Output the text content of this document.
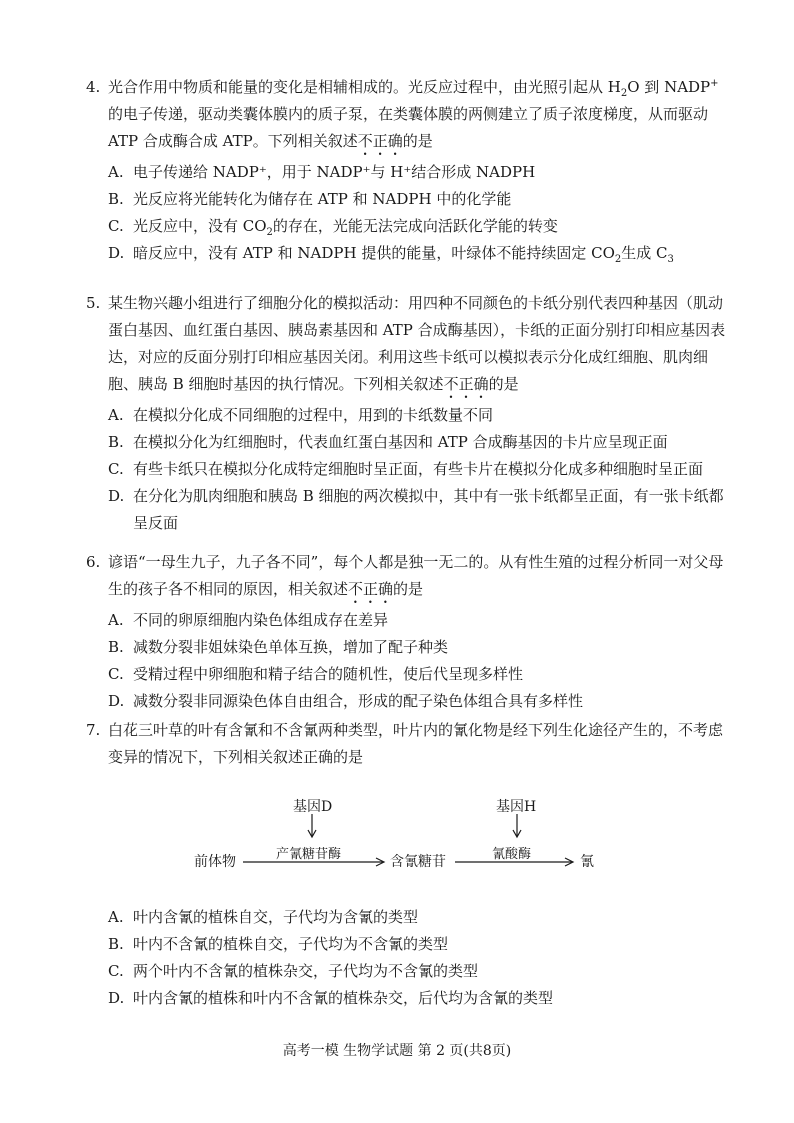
4. 光合作用中物质和能量的变化是相辅相成的。光反应过程中，由光照引起从 $H_2O$ 到 NADP+ 的电子传递，驱动类囊体膜内的质子泵，在类囊体膜的两侧建立了质子浓度梯度，从而驱动ATP 合成酶合成 ATP。下列相关叙述不正确的是

A. 电子传递给 NADP⁺，用于 NADP⁺与 H⁺结合形成 NADPH

B. 光反应将光能转化为储存在 ATP 和 NADPH 中的化学能

C. 光反应中，没有 $CO_2$的存在，光能无法完成向活跃化学能的转变

D. 暗反应中，没有 ATP 和 NADPH 提供的能量，叶绿体不能持续固定 $CO_2$生成 $C_3$

5. 某生物兴趣小组进行了细胞分化的模拟活动：用四种不同颜色的卡纸分别代表四种基因（肌动蛋白基因、血红蛋白基因、胰岛素基因和 ATP 合成酶基因），卡纸的正面分别打印相应基因表达，对应的反面分别打印相应基因关闭。利用这些卡纸可以模拟表示分化成红细胞、肌肉细胞、胰岛 B 细胞时基因的执行情况。下列相关叙述不正确的是

A. 在模拟分化成不同细胞的过程中，用到的卡纸数量不同

B. 在模拟分化为红细胞时，代表血红蛋白基因和 ATP 合成酶基因的卡片应呈现正面

C. 有些卡纸只在模拟分化成特定细胞时呈正面，有些卡片在模拟分化成多种细胞时呈正面

D. 在分化为肌肉细胞和胰岛 B 细胞的两次模拟中，其中有一张卡纸都呈正面，有一张卡纸都呈反面

6. 谚语“一母生九子，九子各不同”，每个人都是独一无二的。从有性生殖的过程分析同一对父母生的孩子各不相同的原因，相关叙述不正确的是

A. 不同的卵原细胞内染色体组成存在差异

B. 减数分裂非姐妹染色单体互换，增加了配子种类

C. 受精过程中卵细胞和精子结合的随机性，使后代呈现多样性

D. 减数分裂非同源染色体自由组合，形成的配子染色体组合具有多样性

7. 白花三叶草的叶有含氰和不含氰两种类型，叶片内的氰化物是经下列生化途径产生的，不考虑变异的情况下，下列相关叙述正确的是

基因D	基因H
前体物	产氰糖苷酶	含氰糖苷	氰酸酶	氰

A. 叶内含氰的植株自交，子代均为含氰的类型

B. 叶内不含氰的植株自交，子代均为不含氰的类型

C. 两个叶内不含氰的植株杂交，子代均为不含氰的类型

D. 叶内含氰的植株和叶内不含氰的植株杂交，后代均为含氰的类型

高考一模 生物学试题 第 2 页(共8页)
